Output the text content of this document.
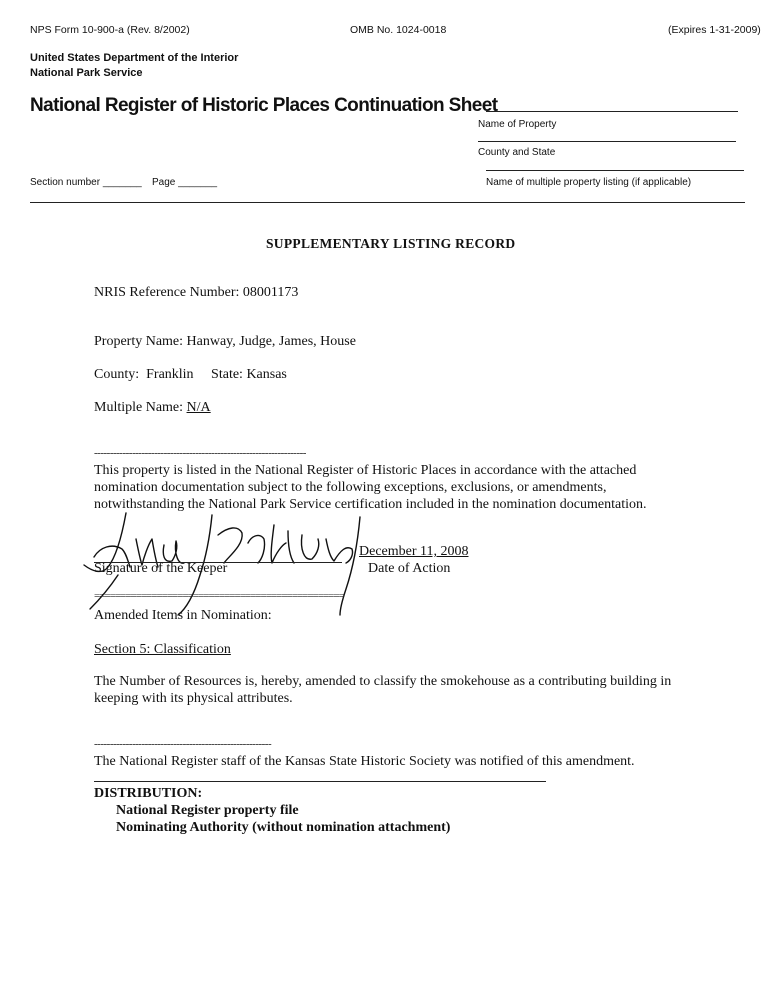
NPS Form 10-900-a (Rev. 8/2002)	OMB No. 1024-0018	(Expires 1-31-2009)
United States Department of the Interior
National Park Service
National Register of Historic Places Continuation Sheet
Name of Property
County and State
Name of multiple property listing (if applicable)
Section number _______ Page _______
SUPPLEMENTARY LISTING RECORD
NRIS Reference Number: 08001173
Property Name: Hanway, Judge, James, House
County:  Franklin     State: Kansas
Multiple Name: N/A
-------------------------------------------------------------------
This property is listed in the National Register of Historic Places in accordance with the attached
nomination documentation subject to the following exceptions, exclusions, or amendments,
notwithstanding the National Park Service certification included in the nomination documentation.
December 11, 2008
Signature of the Keeper	Date of Action
================================================
Amended Items in Nomination:
Section 5: Classification
The Number of Resources is, hereby, amended to classify the smokehouse as a contributing building in
keeping with its physical attributes.
--------------------------------------------------------
The National Register staff of the Kansas State Historic Society was notified of this amendment.
DISTRIBUTION:
National Register property file
Nominating Authority (without nomination attachment)
